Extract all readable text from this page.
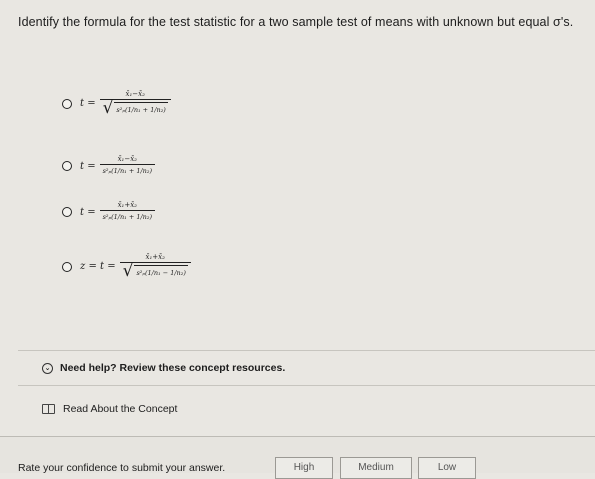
Identify the formula for the test statistic for a two sample test of means with unknown but equal σ's.
$t = \frac{\text{x̄₁−x̄₂}}{\text{√ s²ₚ(1/n₁ + 1/n₂)}}$
$t = \frac{\text{x̄₁−x̄₂}}{\text{s²ₚ(1/n₁ + 1/n₂)}}$
$t = \frac{\text{x̄₁+x̄₂}}{\text{s²ₚ(1/n₁ + 1/n₂)}}$
$z = t = \frac{\text{x̄₁+x̄₂}}{\text{√ s²ₚ(1/n₁ − 1/n₂)}}$
⌄ Need help? Review these concept resources.
Read About the Concept
Rate your confidence to submit your answer.	High	Medium	Low
